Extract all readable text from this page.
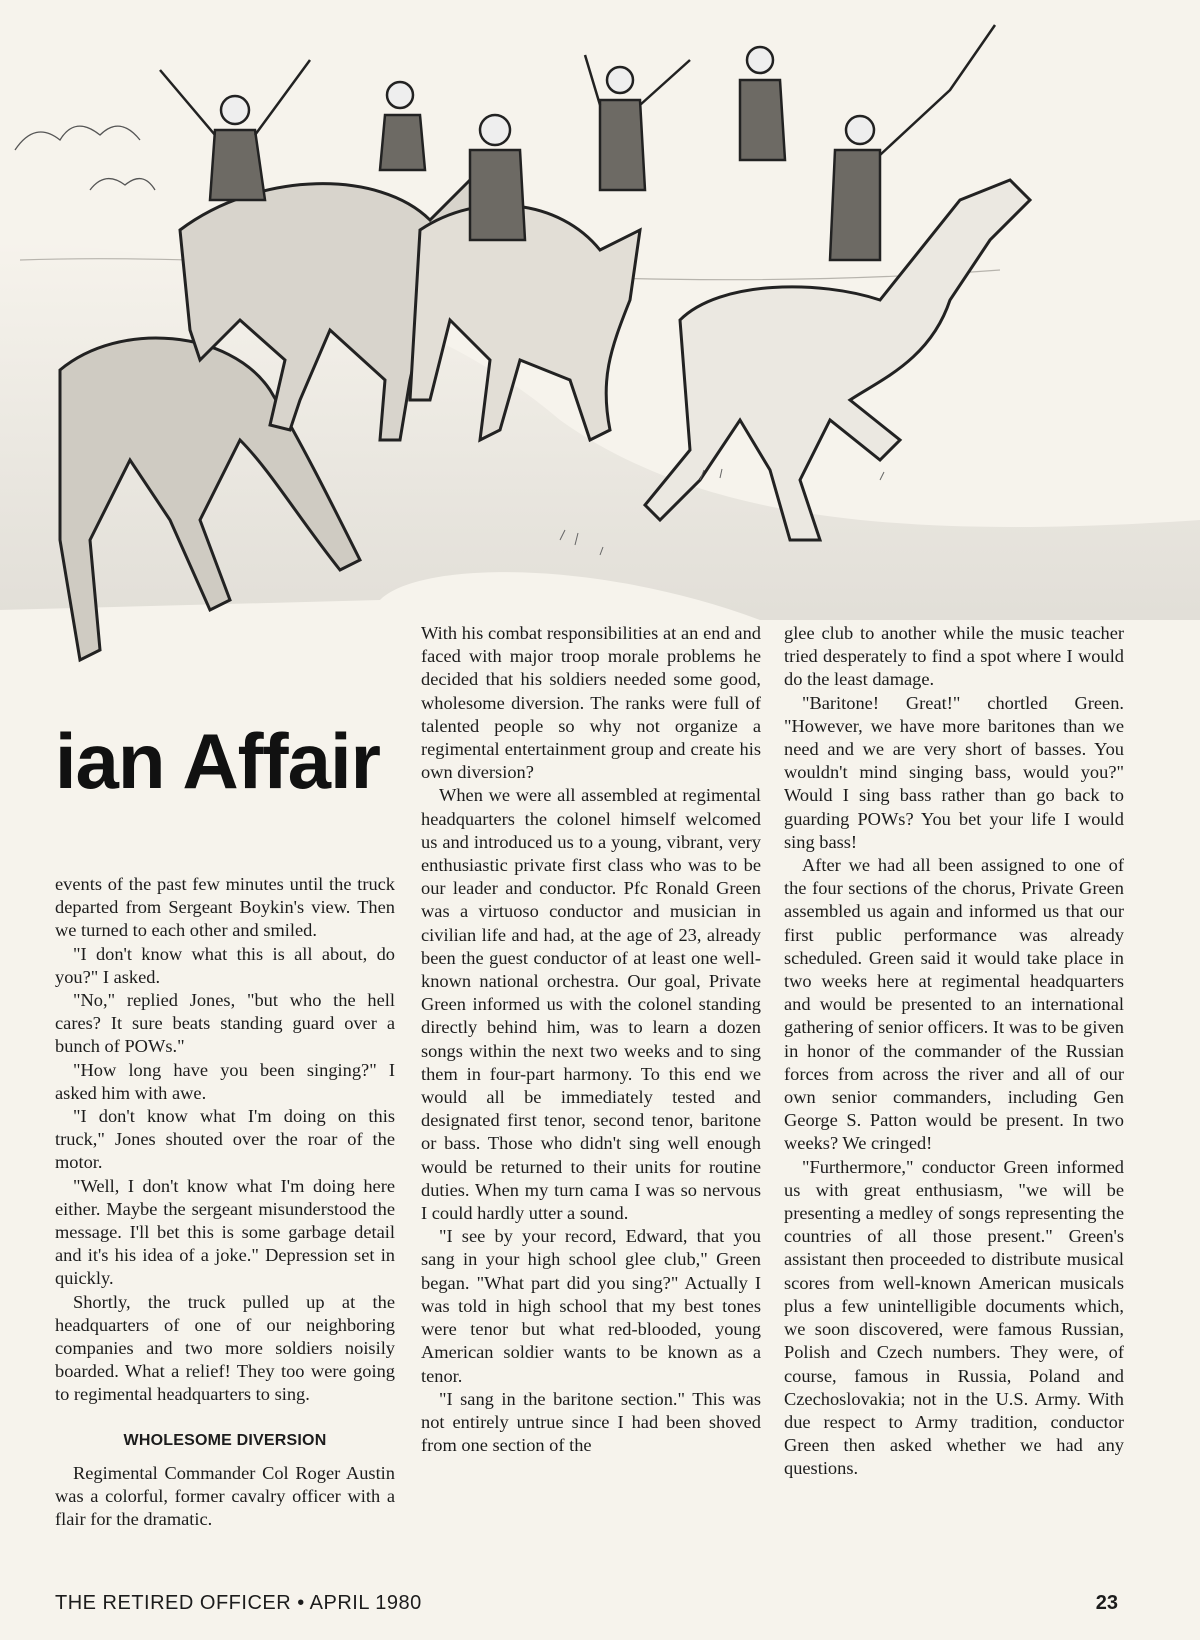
ian Affair

events of the past few minutes until the truck departed from Sergeant Boykin's view. Then we turned to each other and smiled.

"I don't know what this is all about, do you?" I asked.

"No," replied Jones, "but who the hell cares? It sure beats standing guard over a bunch of POWs."

"How long have you been singing?" I asked him with awe.

"I don't know what I'm doing on this truck," Jones shouted over the roar of the motor.

"Well, I don't know what I'm doing here either. Maybe the sergeant misunderstood the message. I'll bet this is some garbage detail and it's his idea of a joke." Depression set in quickly.

Shortly, the truck pulled up at the headquarters of one of our neighboring companies and two more soldiers noisily boarded. What a relief! They too were going to regimental headquarters to sing.

WHOLESOME DIVERSION

Regimental Commander Col Roger Austin was a colorful, former cavalry officer with a flair for the dramatic.

With his combat responsibilities at an end and faced with major troop morale problems he decided that his soldiers needed some good, wholesome diversion. The ranks were full of talented people so why not organize a regimental entertainment group and create his own diversion?

When we were all assembled at regimental headquarters the colonel himself welcomed us and introduced us to a young, vibrant, very enthusiastic private first class who was to be our leader and conductor. Pfc Ronald Green was a virtuoso conductor and musician in civilian life and had, at the age of 23, already been the guest conductor of at least one well-known national orchestra. Our goal, Private Green informed us with the colonel standing directly behind him, was to learn a dozen songs within the next two weeks and to sing them in four-part harmony. To this end we would all be immediately tested and designated first tenor, second tenor, baritone or bass. Those who didn't sing well enough would be returned to their units for routine duties. When my turn cama I was so nervous I could hardly utter a sound.

"I see by your record, Edward, that you sang in your high school glee club," Green began. "What part did you sing?" Actually I was told in high school that my best tones were tenor but what red-blooded, young American soldier wants to be known as a tenor.

"I sang in the baritone section." This was not entirely untrue since I had been shoved from one section of the

glee club to another while the music teacher tried desperately to find a spot where I would do the least damage.

"Baritone! Great!" chortled Green. "However, we have more baritones than we need and we are very short of basses. You wouldn't mind singing bass, would you?" Would I sing bass rather than go back to guarding POWs? You bet your life I would sing bass!

After we had all been assigned to one of the four sections of the chorus, Private Green assembled us again and informed us that our first public performance was already scheduled. Green said it would take place in two weeks here at regimental headquarters and would be presented to an international gathering of senior officers. It was to be given in honor of the commander of the Russian forces from across the river and all of our own senior commanders, including Gen George S. Patton would be present. In two weeks? We cringed!

"Furthermore," conductor Green informed us with great enthusiasm, "we will be presenting a medley of songs representing the countries of all those present." Green's assistant then proceeded to distribute musical scores from well-known American musicals plus a few unintelligible documents which, we soon discovered, were famous Russian, Polish and Czech numbers. They were, of course, famous in Russia, Poland and Czechoslovakia; not in the U.S. Army. With due respect to Army tradition, conductor Green then asked whether we had any questions.

THE RETIRED OFFICER • APRIL 1980	23
